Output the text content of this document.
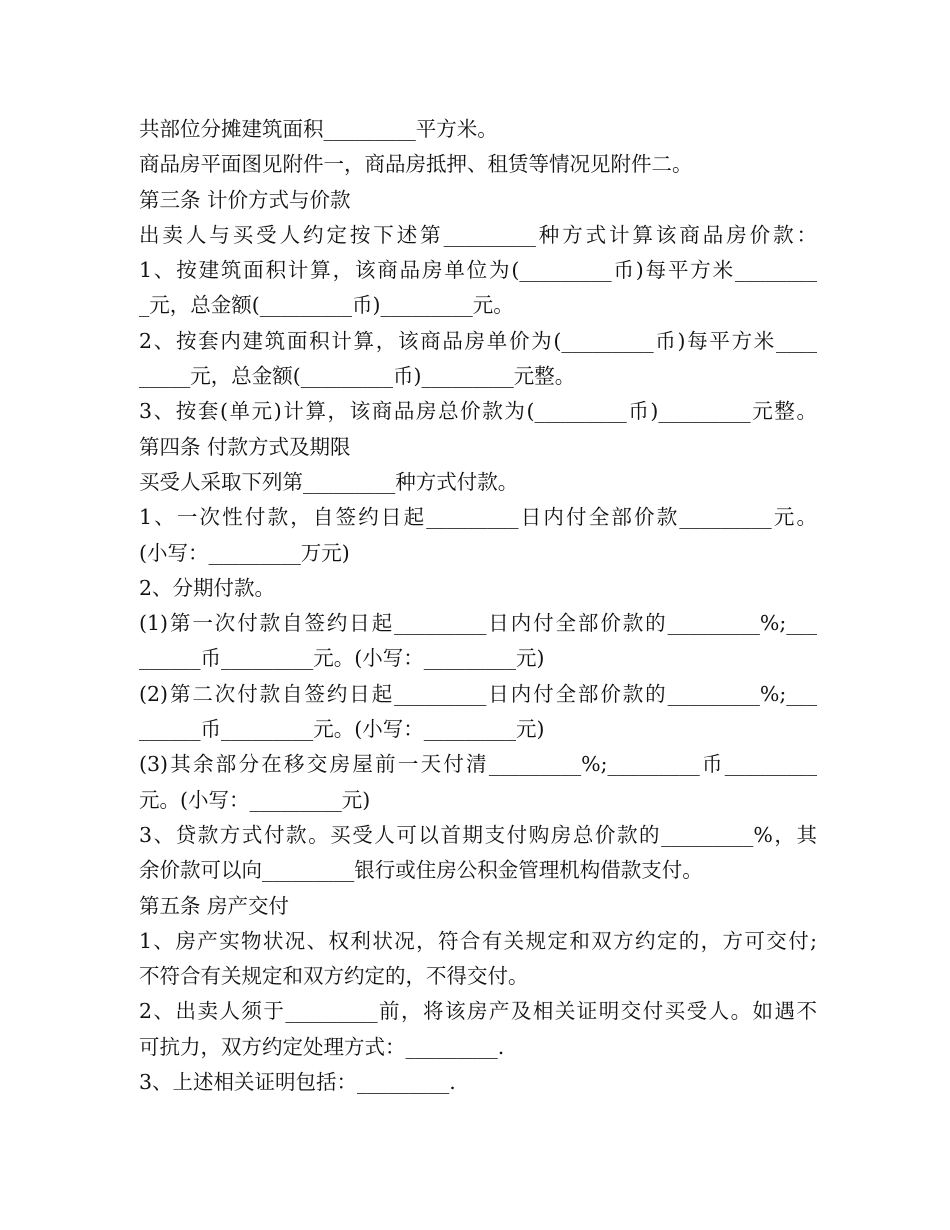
共部位分摊建筑面积_________平方米。
商品房平面图见附件一，商品房抵押、租赁等情况见附件二。
第三条 计价方式与价款
出卖人与买受人约定按下述第_________种方式计算该商品房价款：
1、按建筑面积计算，该商品房单位为(_________币)每平方米________
_元，总金额(_________币)_________元。
2、按套内建筑面积计算，该商品房单价为(_________币)每平方米____
_____元，总金额(_________币)_________元整。
3、按套(单元)计算，该商品房总价款为(_________币)_________元整。
第四条 付款方式及期限
买受人采取下列第_________种方式付款。
1、一次性付款，自签约日起_________日内付全部价款_________元。
(小写：_________万元)
2、分期付款。
(1)第一次付款自签约日起_________日内付全部价款的_________%;___
______币_________元。(小写：_________元)
(2)第二次付款自签约日起_________日内付全部价款的_________%;___
______币_________元。(小写：_________元)
(3)其余部分在移交房屋前一天付清_________%;_________币_________
元。(小写：_________元)
3、贷款方式付款。买受人可以首期支付购房总价款的_________%，其
余价款可以向_________银行或住房公积金管理机构借款支付。
第五条 房产交付
1、房产实物状况、权利状况，符合有关规定和双方约定的，方可交付;
不符合有关规定和双方约定的，不得交付。
2、出卖人须于_________前，将该房产及相关证明交付买受人。如遇不
可抗力，双方约定处理方式：_________.
3、上述相关证明包括：_________.
